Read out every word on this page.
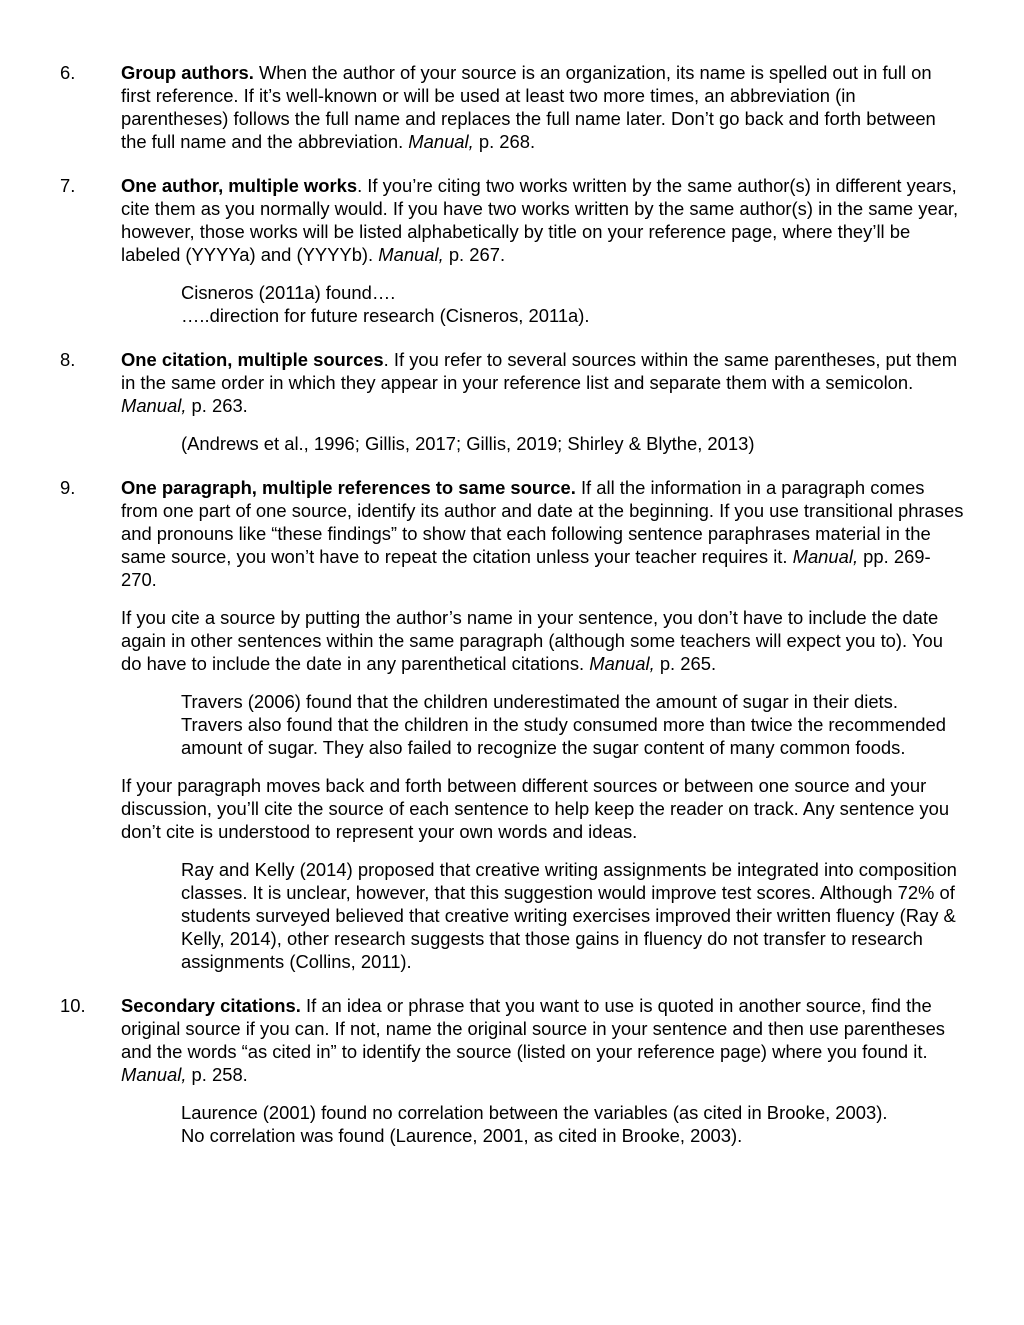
6.	Group authors. When the author of your source is an organization, its name is spelled out in full on first reference. If it’s well-known or will be used at least two more times, an abbreviation (in parentheses) follows the full name and replaces the full name later. Don’t go back and forth between the full name and the abbreviation. Manual, p. 268.

7.	One author, multiple works. If you’re citing two works written by the same author(s) in different years, cite them as you normally would. If you have two works written by the same author(s) in the same year, however, those works will be listed alphabetically by title on your reference page, where they’ll be labeled (YYYYa) and (YYYYb). Manual, p. 267.

Cisneros (2011a) found….
…..direction for future research (Cisneros, 2011a).
8.	One citation, multiple sources. If you refer to several sources within the same parentheses, put them in the same order in which they appear in your reference list and separate them with a semicolon. Manual, p. 263.

(Andrews et al., 1996; Gillis, 2017; Gillis, 2019; Shirley & Blythe, 2013)
9.	One paragraph, multiple references to same source. If all the information in a paragraph comes from one part of one source, identify its author and date at the beginning. If you use transitional phrases and pronouns like “these findings” to show that each following sentence paraphrases material in the same source, you won’t have to repeat the citation unless your teacher requires it. Manual, pp. 269-270.

If you cite a source by putting the author’s name in your sentence, you don’t have to include the date again in other sentences within the same paragraph (although some teachers will expect you to). You do have to include the date in any parenthetical citations. Manual, p. 265.

Travers (2006) found that the children underestimated the amount of sugar in their diets. Travers also found that the children in the study consumed more than twice the recommended amount of sugar. They also failed to recognize the sugar content of many common foods.

If your paragraph moves back and forth between different sources or between one source and your discussion, you’ll cite the source of each sentence to help keep the reader on track. Any sentence you don’t cite is understood to represent your own words and ideas.

Ray and Kelly (2014) proposed that creative writing assignments be integrated into composition classes. It is unclear, however, that this suggestion would improve test scores. Although 72% of students surveyed believed that creative writing exercises improved their written fluency (Ray & Kelly, 2014), other research suggests that those gains in fluency do not transfer to research assignments (Collins, 2011).
10.	Secondary citations. If an idea or phrase that you want to use is quoted in another source, find the original source if you can. If not, name the original source in your sentence and then use parentheses and the words “as cited in” to identify the source (listed on your reference page) where you found it. Manual, p. 258.

Laurence (2001) found no correlation between the variables (as cited in Brooke, 2003).
No correlation was found (Laurence, 2001, as cited in Brooke, 2003).
